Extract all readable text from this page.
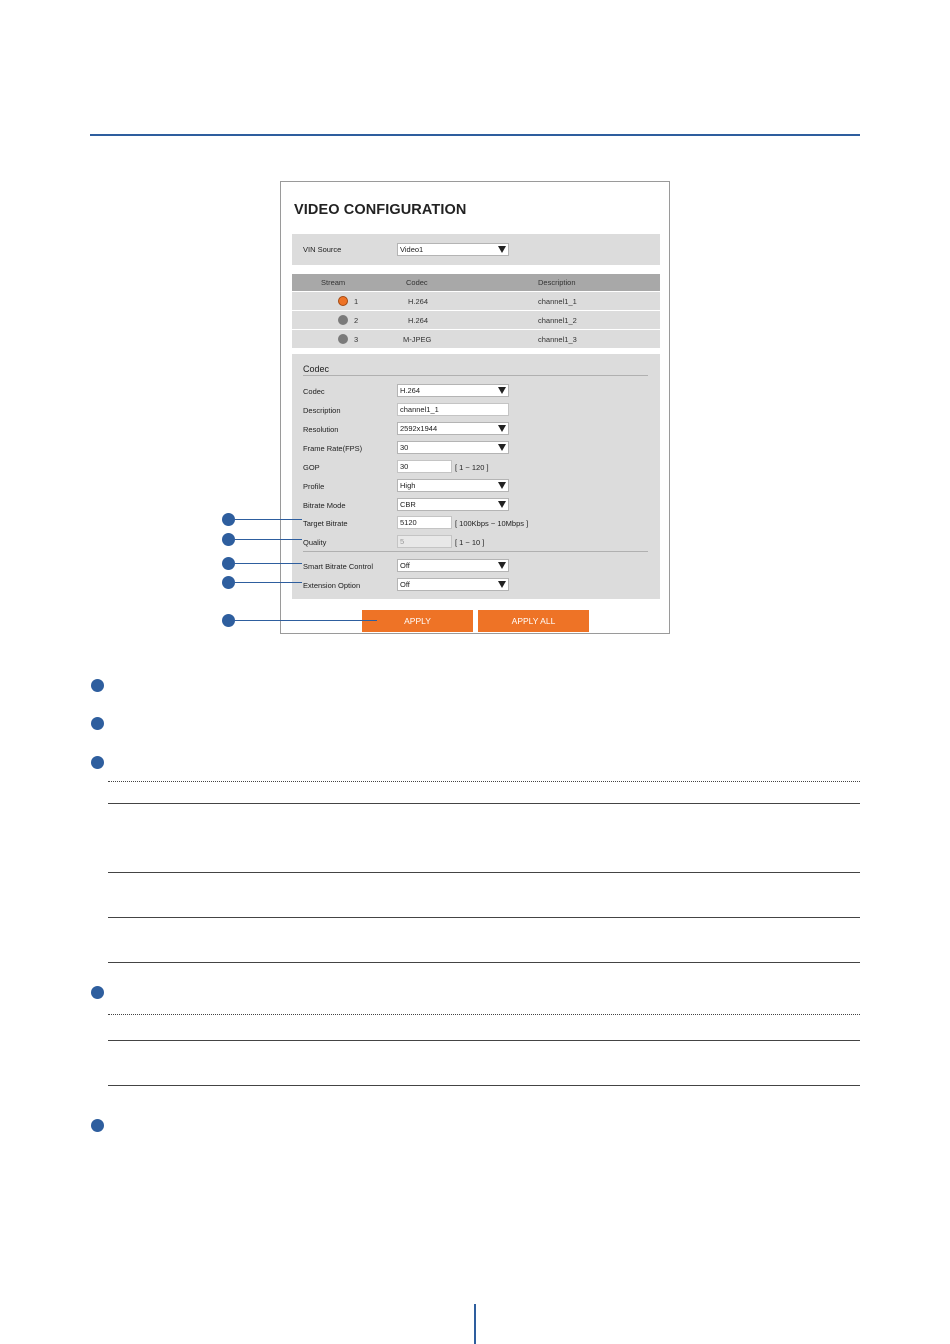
VIDEO CONFIGURATION
VIN Source	Video1
Stream	Codec	Description
1	H.264	channel1_1
2	H.264	channel1_2
3	M-JPEG	channel1_3
Codec
Codec	H.264
Description	channel1_1
Resolution	2592x1944
Frame Rate(FPS)	30
GOP	30	[ 1 ~ 120 ]
Profile	High
Bitrate Mode	CBR
Target Bitrate	5120	[ 100Kbps ~ 10Mbps ]
Quality	5	[ 1 ~ 10 ]
Smart Bitrate Control	Off
Extension Option	Off
APPLY	APPLY ALL
